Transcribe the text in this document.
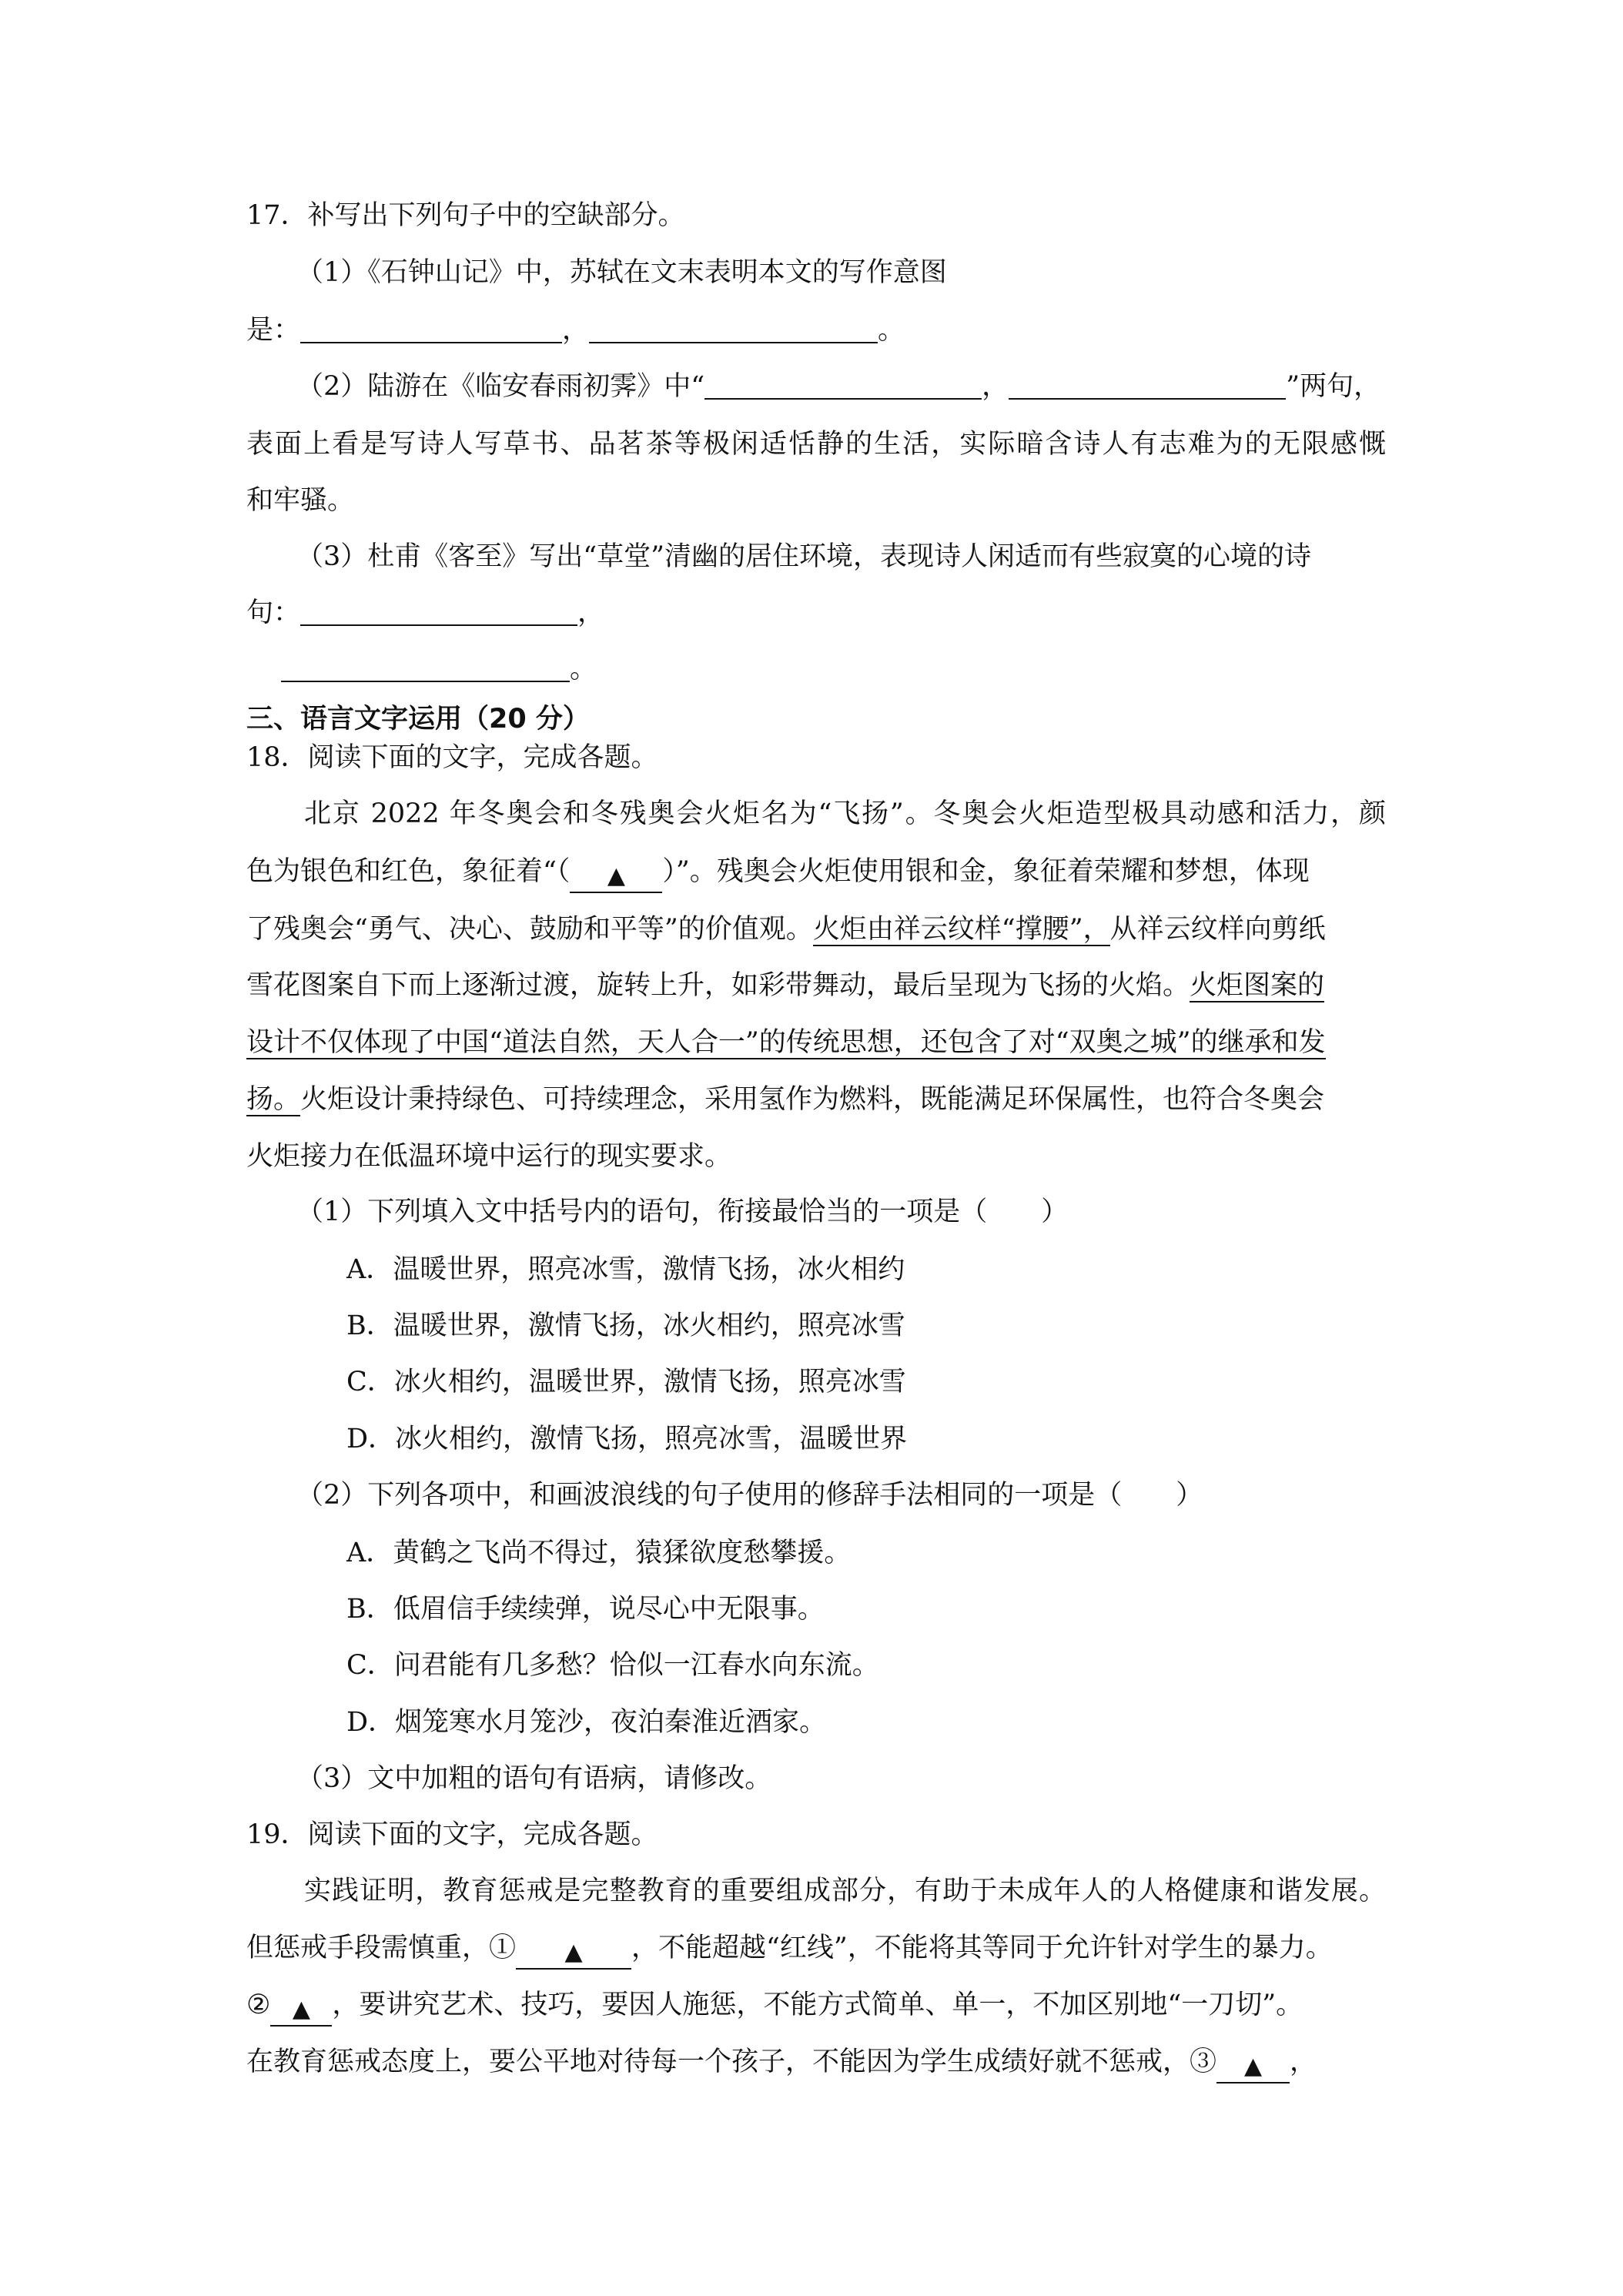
17．补写出下列句子中的空缺部分。
（1）《石钟山记》中，苏轼在文末表明本文的写作意图
是：	，	。
（2）陆游在《临安春雨初霁》中“	，	”两句，
表面上看是写诗人写草书、品茗茶等极闲适恬静的生活，实际暗含诗人有志难为的无限感慨
和牢骚。
（3）杜甫《客至》写出“草堂”清幽的居住环境，表现诗人闲适而有些寂寞的心境的诗
句：	，
。
三、语言文字运用（20 分）
18．阅读下面的文字，完成各题。
北京 2022 年冬奥会和冬残奥会火炬名为“飞扬”。冬奥会火炬造型极具动感和活力，颜
色为银色和红色，象征着“（ ▲ ）”。残奥会火炬使用银和金，象征着荣耀和梦想，体现
了残奥会“勇气、决心、鼓励和平等”的价值观。火炬由祥云纹样“撑腰”，从祥云纹样向剪纸
雪花图案自下而上逐渐过渡，旋转上升，如彩带舞动，最后呈现为飞扬的火焰。火炬图案的
设计不仅体现了中国“道法自然，天人合一”的传统思想，还包含了对“双奥之城”的继承和发
扬。火炬设计秉持绿色、可持续理念，采用氢作为燃料，既能满足环保属性，也符合冬奥会
火炬接力在低温环境中运行的现实要求。
（1）下列填入文中括号内的语句，衔接最恰当的一项是（　　）
A．温暖世界，照亮冰雪，激情飞扬，冰火相约
B．温暖世界，激情飞扬，冰火相约，照亮冰雪
C．冰火相约，温暖世界，激情飞扬，照亮冰雪
D．冰火相约，激情飞扬，照亮冰雪，温暖世界
（2）下列各项中，和画波浪线的句子使用的修辞手法相同的一项是（　　）
A．黄鹤之飞尚不得过，猿猱欲度愁攀援。
B．低眉信手续续弹，说尽心中无限事。
C．问君能有几多愁？恰似一江春水向东流。
D．烟笼寒水月笼沙，夜泊秦淮近酒家。
（3）文中加粗的语句有语病，请修改。
19．阅读下面的文字，完成各题。
实践证明，教育惩戒是完整教育的重要组成部分，有助于未成年人的人格健康和谐发展。
但惩戒手段需慎重，① ▲ ，不能超越“红线”，不能将其等同于允许针对学生的暴力。
② ▲ ，要讲究艺术、技巧，要因人施惩，不能方式简单、单一，不加区别地“一刀切”。
在教育惩戒态度上，要公平地对待每一个孩子，不能因为学生成绩好就不惩戒，③ ▲ ，
